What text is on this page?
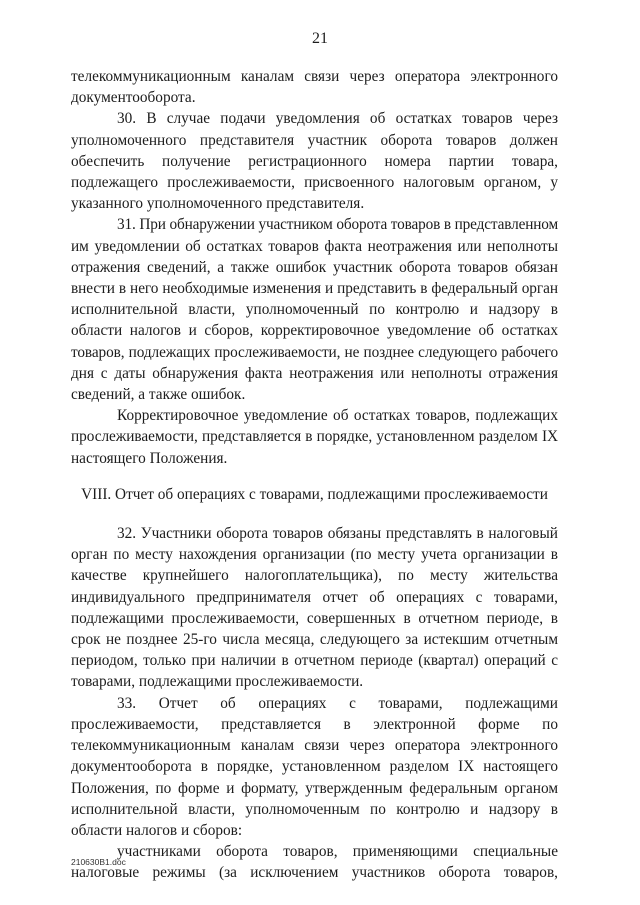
21
телекоммуникационным каналам связи через оператора электронного
документооборота.
30. В случае подачи уведомления об остатках товаров через
уполномоченного представителя участник оборота товаров должен
обеспечить получение регистрационного номера партии товара,
подлежащего прослеживаемости, присвоенного налоговым органом, у
указанного уполномоченного представителя.
31. При обнаружении участником оборота товаров в представленном
им уведомлении об остатках товаров факта неотражения или неполноты
отражения сведений, а также ошибок участник оборота товаров обязан
внести в него необходимые изменения и представить в федеральный орган
исполнительной власти, уполномоченный по контролю и надзору в
области налогов и сборов, корректировочное уведомление об остатках
товаров, подлежащих прослеживаемости, не позднее следующего рабочего
дня с даты обнаружения факта неотражения или неполноты отражения
сведений, а также ошибок.
Корректировочное уведомление об остатках товаров, подлежащих
прослеживаемости, представляется в порядке, установленном разделом IX
настоящего Положения.
VIII. Отчет об операциях с товарами, подлежащими прослеживаемости
32. Участники оборота товаров обязаны представлять в налоговый
орган по месту нахождения организации (по месту учета организации в
качестве крупнейшего налогоплательщика), по месту жительства
индивидуального предпринимателя отчет об операциях с товарами,
подлежащими прослеживаемости, совершенных в отчетном периоде, в
срок не позднее 25-го числа месяца, следующего за истекшим отчетным
периодом, только при наличии в отчетном периоде (квартал) операций с
товарами, подлежащими прослеживаемости.
33. Отчет об операциях с товарами, подлежащими
прослеживаемости, представляется в электронной форме по
телекоммуникационным каналам связи через оператора электронного
документооборота в порядке, установленном разделом IX настоящего
Положения, по форме и формату, утвержденным федеральным органом
исполнительной власти, уполномоченным по контролю и надзору в
области налогов и сборов:
участниками оборота товаров, применяющими специальные
налоговые режимы (за исключением участников оборота товаров,
210630B1.doc
